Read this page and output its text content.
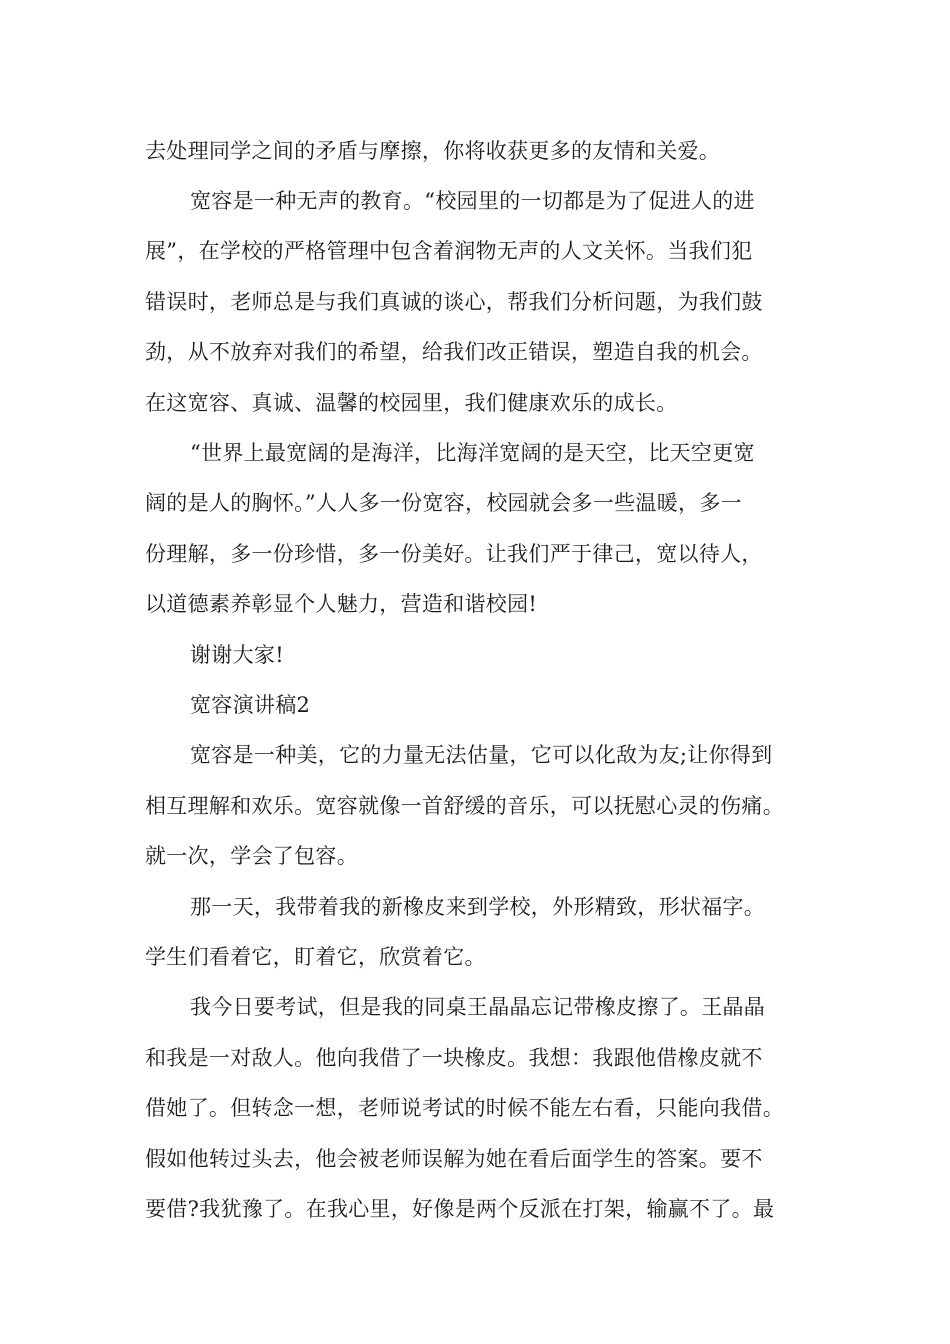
去处理同学之间的矛盾与摩擦，你将收获更多的友情和关爱。
宽容是一种无声的教育。“校园里的一切都是为了促进人的进
展”，在学校的严格管理中包含着润物无声的人文关怀。当我们犯
错误时，老师总是与我们真诚的谈心，帮我们分析问题，为我们鼓
劲，从不放弃对我们的希望，给我们改正错误，塑造自我的机会。
在这宽容、真诚、温馨的校园里，我们健康欢乐的成长。
“世界上最宽阔的是海洋，比海洋宽阔的是天空，比天空更宽
阔的是人的胸怀。”人人多一份宽容，校园就会多一些温暖，多一
份理解，多一份珍惜，多一份美好。让我们严于律己，宽以待人，
以道德素养彰显个人魅力，营造和谐校园!
谢谢大家!
宽容演讲稿2
宽容是一种美，它的力量无法估量，它可以化敌为友;让你得到
相互理解和欢乐。宽容就像一首舒缓的音乐，可以抚慰心灵的伤痛。
就一次，学会了包容。
那一天，我带着我的新橡皮来到学校，外形精致，形状福字。
学生们看着它，盯着它，欣赏着它。
我今日要考试，但是我的同桌王晶晶忘记带橡皮擦了。王晶晶
和我是一对敌人。他向我借了一块橡皮。我想：我跟他借橡皮就不
借她了。但转念一想，老师说考试的时候不能左右看，只能向我借。
假如他转过头去，他会被老师误解为她在看后面学生的答案。要不
要借?我犹豫了。在我心里，好像是两个反派在打架，输赢不了。最
